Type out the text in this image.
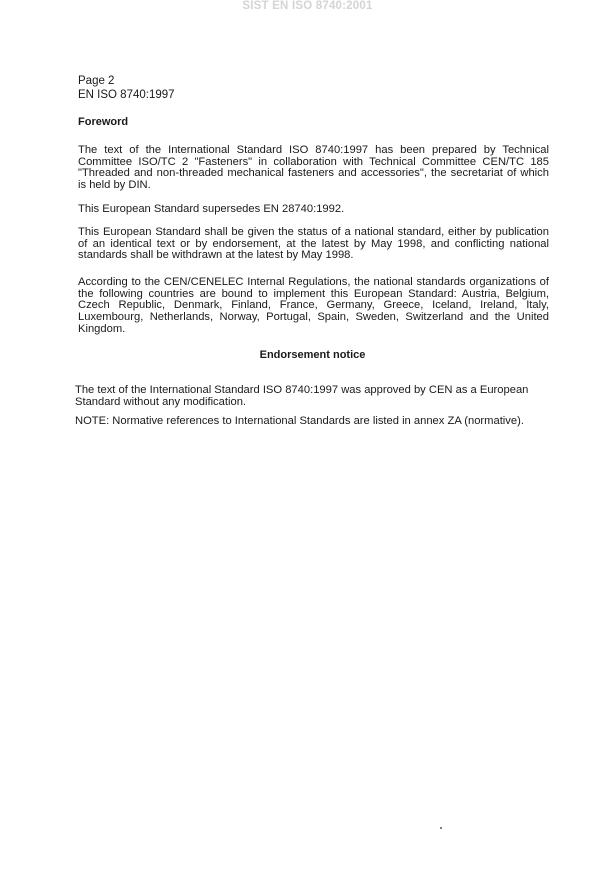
SIST EN ISO 8740:2001
Page 2
EN ISO 8740:1997
Foreword

The text of the International Standard ISO 8740:1997 has been prepared by Technical Committee ISO/TC 2 "Fasteners" in collaboration with Technical Committee CEN/TC 185 "Threaded and non-threaded mechanical fasteners and accessories", the secretariat of which is held by DIN.

This European Standard supersedes EN 28740:1992.

This European Standard shall be given the status of a national standard, either by publication of an identical text or by endorsement, at the latest by May 1998, and conflicting national standards shall be withdrawn at the latest by May 1998.

According to the CEN/CENELEC Internal Regulations, the national standards organizations of the following countries are bound to implement this European Standard: Austria, Belgium, Czech Republic, Denmark, Finland, France, Germany, Greece, Iceland, Ireland, Italy, Luxembourg, Netherlands, Norway, Portugal, Spain, Sweden, Switzerland and the United Kingdom.

Endorsement notice

The text of the International Standard ISO 8740:1997 was approved by CEN as a European Standard without any modification.

NOTE: Normative references to International Standards are listed in annex ZA (normative).
